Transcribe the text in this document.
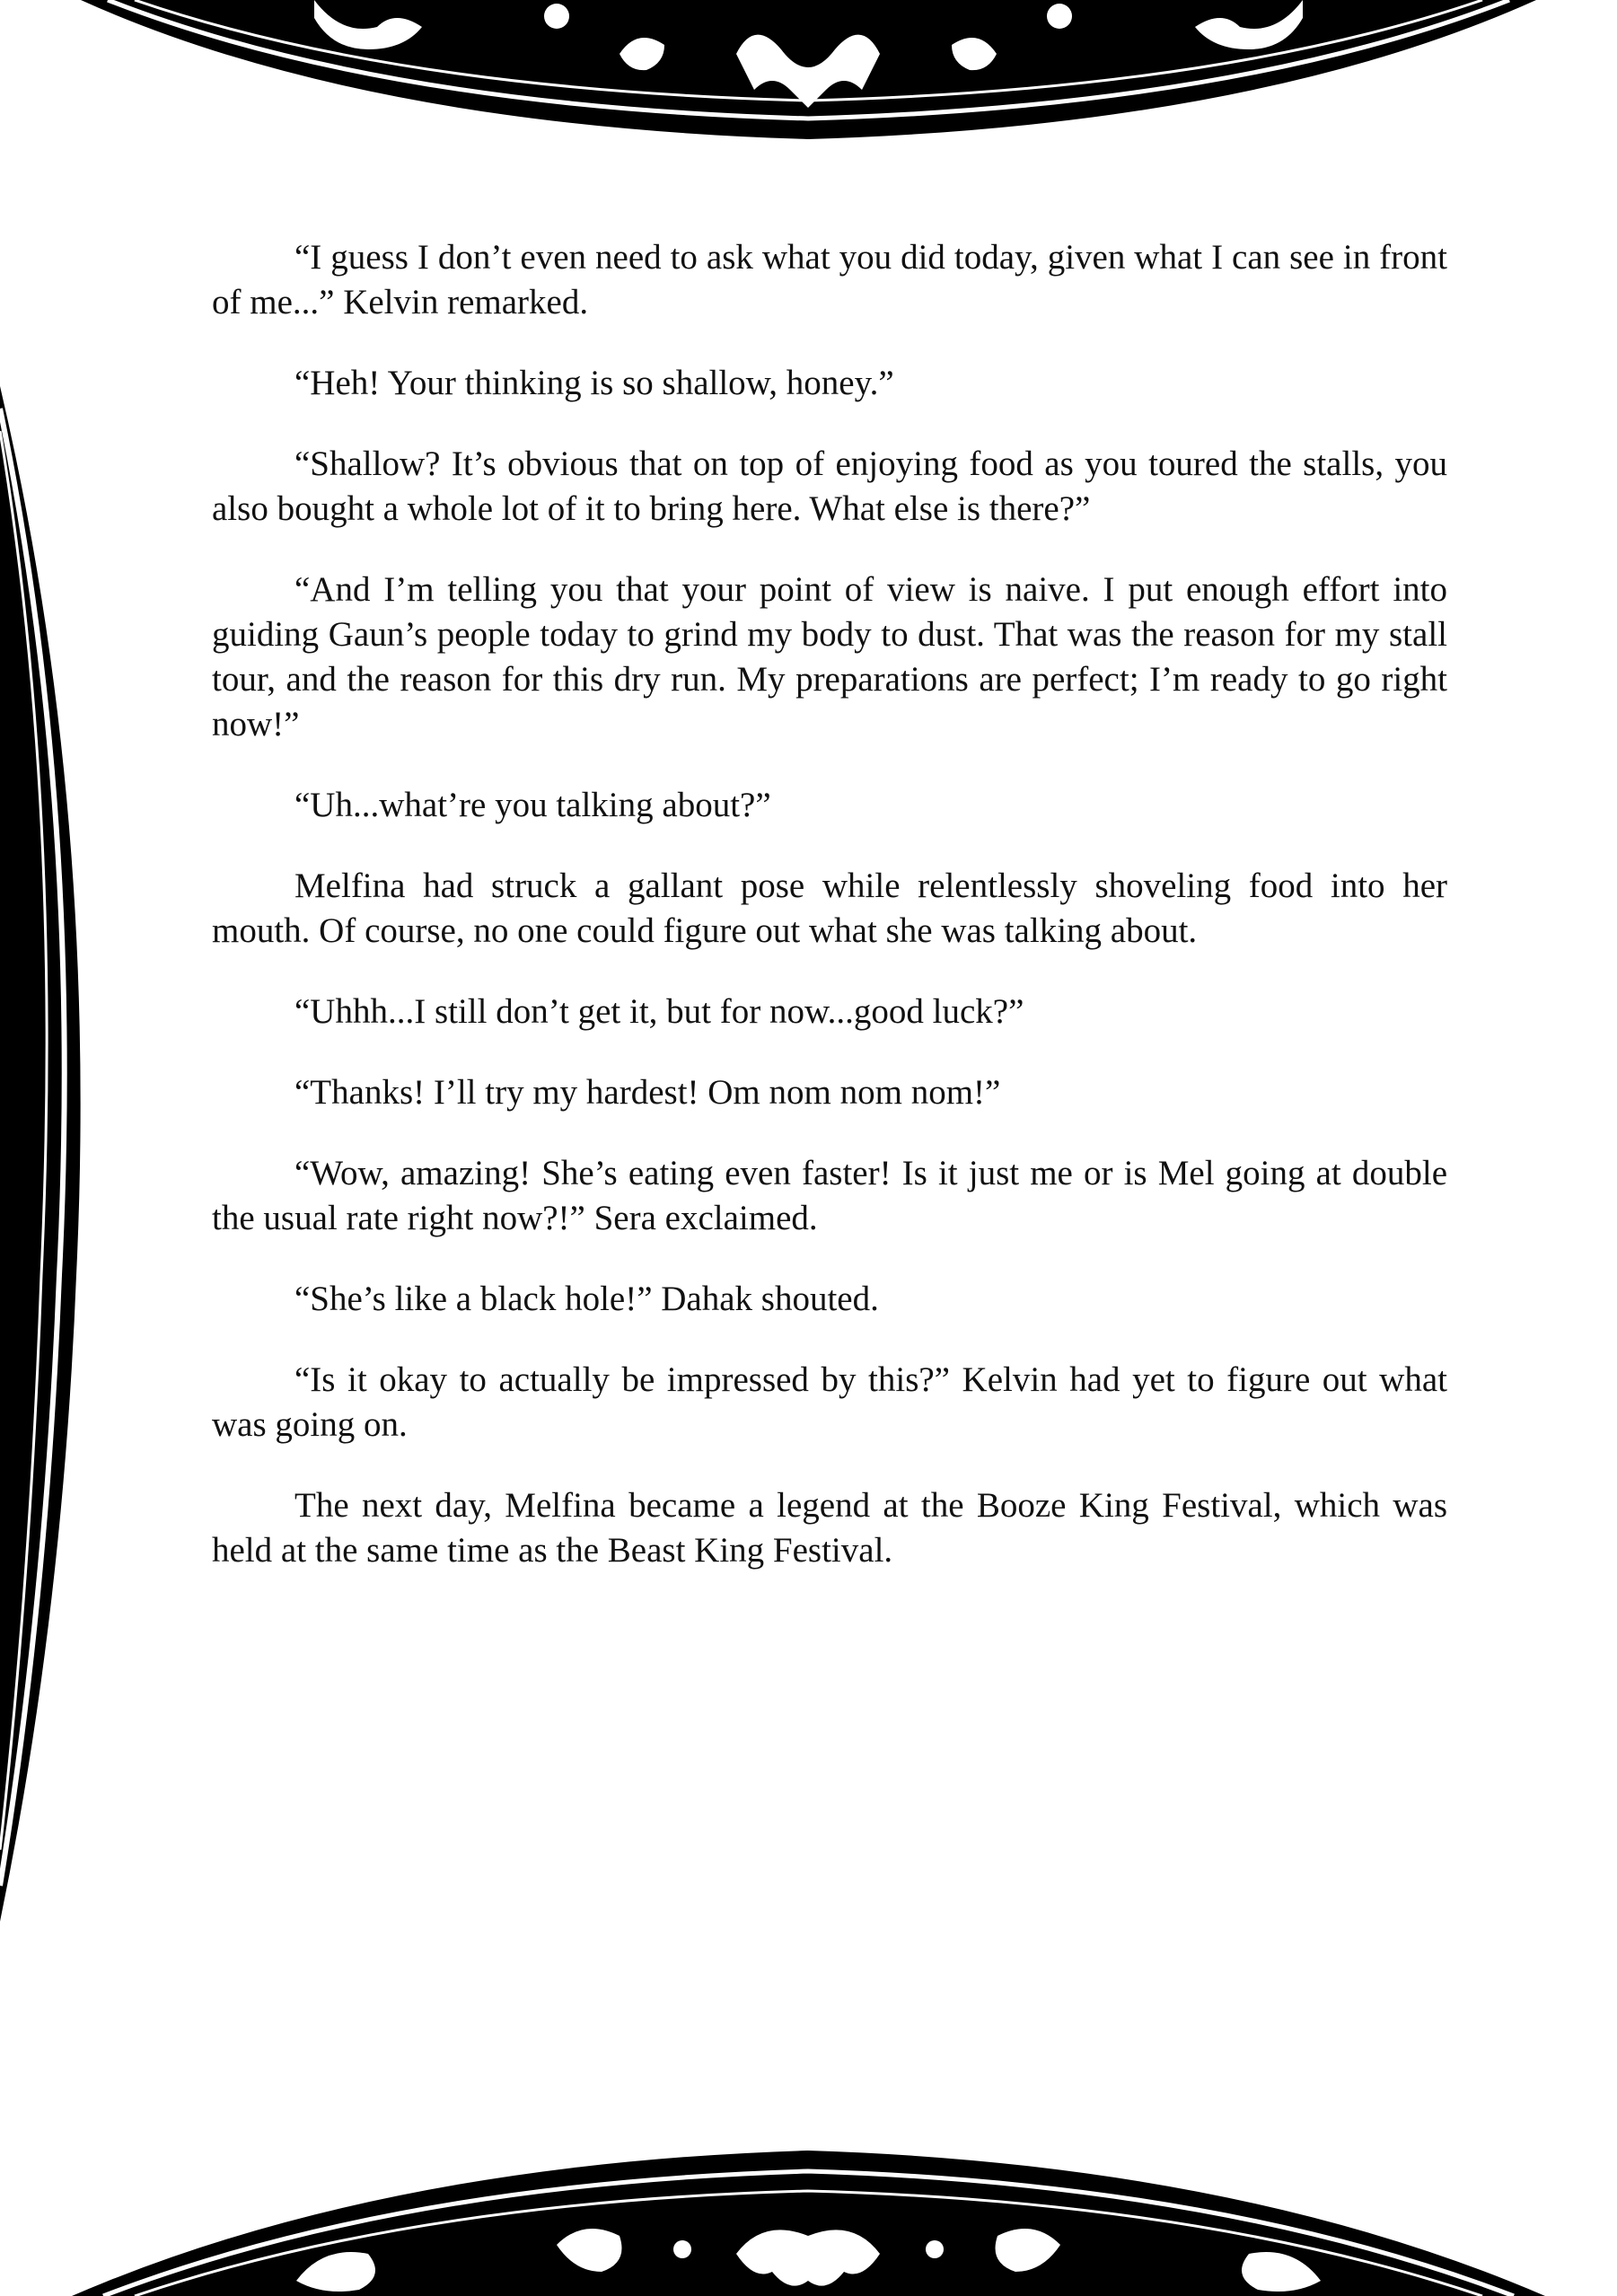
“I guess I don’t even need to ask what you did today, given what I can see in front of me...” Kelvin remarked.

“Heh! Your thinking is so shallow, honey.”

“Shallow? It’s obvious that on top of enjoying food as you toured the stalls, you also bought a whole lot of it to bring here. What else is there?”

“And I’m telling you that your point of view is naive. I put enough effort into guiding Gaun’s people today to grind my body to dust. That was the reason for my stall tour, and the reason for this dry run. My preparations are perfect; I’m ready to go right now!”

“Uh...what’re you talking about?”

Melfina had struck a gallant pose while relentlessly shoveling food into her mouth. Of course, no one could figure out what she was talking about.

“Uhhh...I still don’t get it, but for now...good luck?”

“Thanks! I’ll try my hardest! Om nom nom nom!”

“Wow, amazing! She’s eating even faster! Is it just me or is Mel going at double the usual rate right now?!” Sera exclaimed.

“She’s like a black hole!” Dahak shouted.

“Is it okay to actually be impressed by this?” Kelvin had yet to figure out what was going on.

The next day, Melfina became a legend at the Booze King Festival, which was held at the same time as the Beast King Festival.
